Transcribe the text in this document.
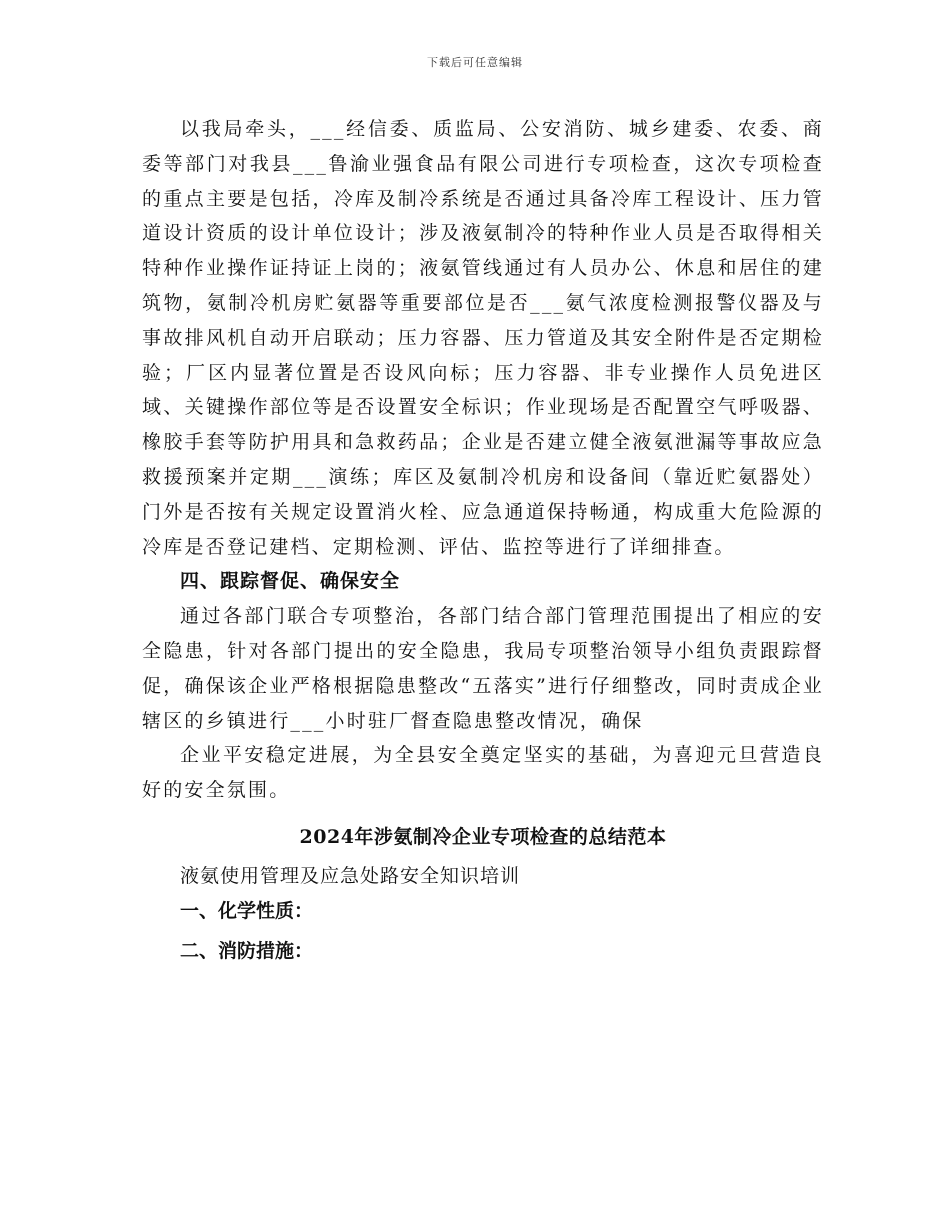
下载后可任意编辑

以我局牵头，___经信委、质监局、公安消防、城乡建委、农委、商委等部门对我县___鲁渝业强食品有限公司进行专项检查，这次专项检查的重点主要是包括，冷库及制冷系统是否通过具备冷库工程设计、压力管道设计资质的设计单位设计；涉及液氨制冷的特种作业人员是否取得相关特种作业操作证持证上岗的；液氨管线通过有人员办公、休息和居住的建筑物，氨制冷机房贮氨器等重要部位是否___氨气浓度检测报警仪器及与事故排风机自动开启联动；压力容器、压力管道及其安全附件是否定期检验；厂区内显著位置是否设风向标；压力容器、非专业操作人员免进区域、关键操作部位等是否设置安全标识；作业现场是否配置空气呼吸器、橡胶手套等防护用具和急救药品；企业是否建立健全液氨泄漏等事故应急救援预案并定期___演练；库区及氨制冷机房和设备间（靠近贮氨器处）门外是否按有关规定设置消火栓、应急通道保持畅通，构成重大危险源的冷库是否登记建档、定期检测、评估、监控等进行了详细排查。

四、跟踪督促、确保安全

通过各部门联合专项整治，各部门结合部门管理范围提出了相应的安全隐患，针对各部门提出的安全隐患，我局专项整治领导小组负责跟踪督促，确保该企业严格根据隐患整改“五落实”进行仔细整改，同时责成企业辖区的乡镇进行___小时驻厂督查隐患整改情况，确保

企业平安稳定进展，为全县安全奠定坚实的基础，为喜迎元旦营造良好的安全氛围。

2024年涉氨制冷企业专项检查的总结范本

液氨使用管理及应急处路安全知识培训

一、化学性质：

二、消防措施：
